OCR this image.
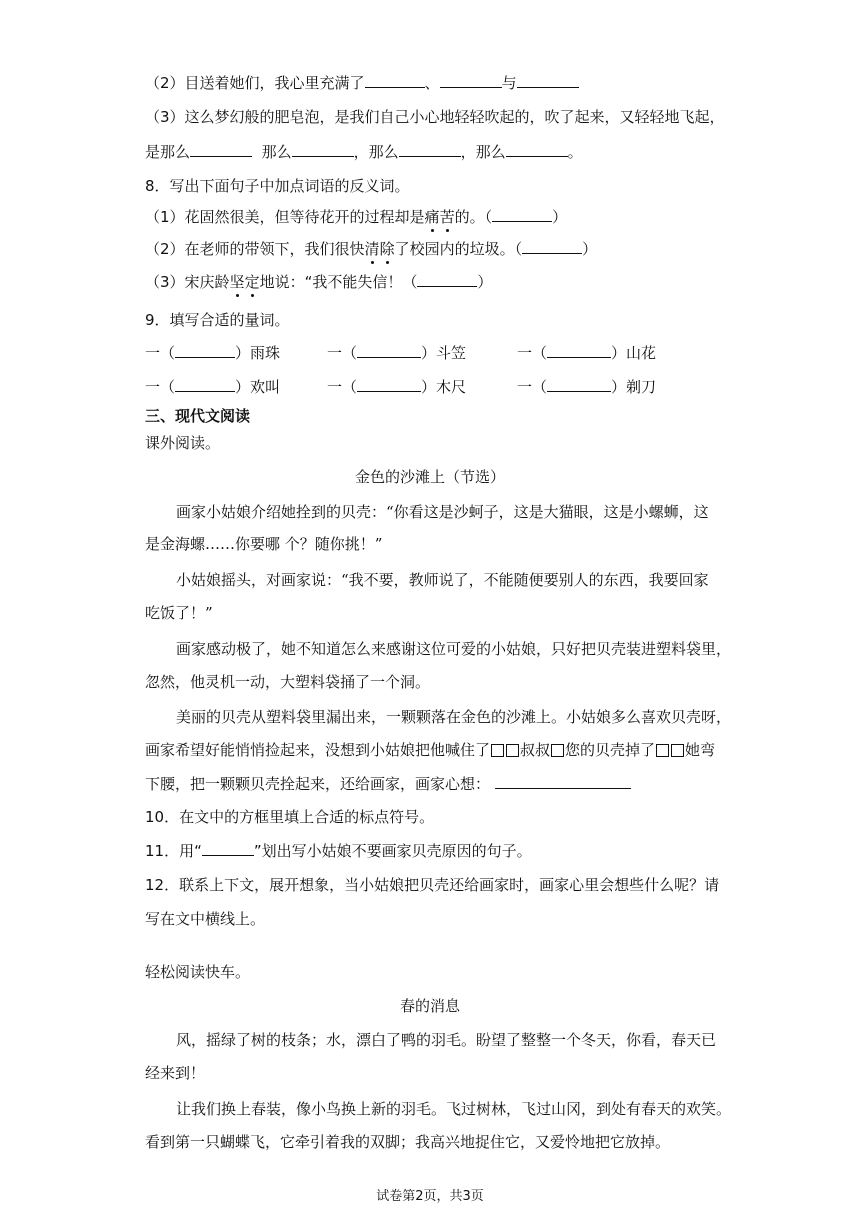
（2）目送着她们，我心里充满了	、	与
（3）这么梦幻般的肥皂泡，是我们自己小心地轻轻吹起的，吹了起来，又轻轻地飞起，
是那么	那么	，那么	，那么	。
8．写出下面句子中加点词语的反义词。
（1）花固然很美，但等待花开的过程却是痛苦的。（	）
（2）在老师的带领下，我们很快清除了校园内的垃圾。（	）
（3）宋庆龄坚定地说：“我不能失信！（	）
9．填写合适的量词。
一（	）雨珠	一（	）斗笠	一（	）山花
一（	）欢叫	一（	）木尺	一（	）剃刀
三、现代文阅读
课外阅读。
金色的沙滩上（节选）
画家小姑娘介绍她拴到的贝壳：“你看这是沙蚵子，这是大猫眼，这是小螺蛳，这
是金海螺……你要哪 个？随你挑！”
小姑娘摇头，对画家说：“我不要，教师说了，不能随便要别人的东西，我要回家
吃饭了！”
画家感动极了，她不知道怎么来感谢这位可爱的小姑娘，只好把贝壳装进塑料袋里，
忽然，他灵机一动，大塑料袋捅了一个洞。
美丽的贝壳从塑料袋里漏出来，一颗颗落在金色的沙滩上。小姑娘多么喜欢贝壳呀，
画家希望好能悄悄捡起来，没想到小姑娘把他喊住了 叔叔 您的贝壳掉了 她弯
下腰，把一颗颗贝壳拴起来，还给画家，画家心想：
10．在文中的方框里填上合适的标点符号。
11．用“	”划出写小姑娘不要画家贝壳原因的句子。
12．联系上下文，展开想象，当小姑娘把贝壳还给画家时，画家心里会想些什么呢？请
写在文中横线上。
轻松阅读快车。
春的消息
风，摇绿了树的枝条；水，漂白了鸭的羽毛。盼望了整整一个冬天，你看，春天已
经来到！
让我们换上春装，像小鸟换上新的羽毛。飞过树林，飞过山冈，到处有春天的欢笑。
看到第一只蝴蝶飞，它牵引着我的双脚；我高兴地捉住它，又爱怜地把它放掉。
试卷第2页，共3页
